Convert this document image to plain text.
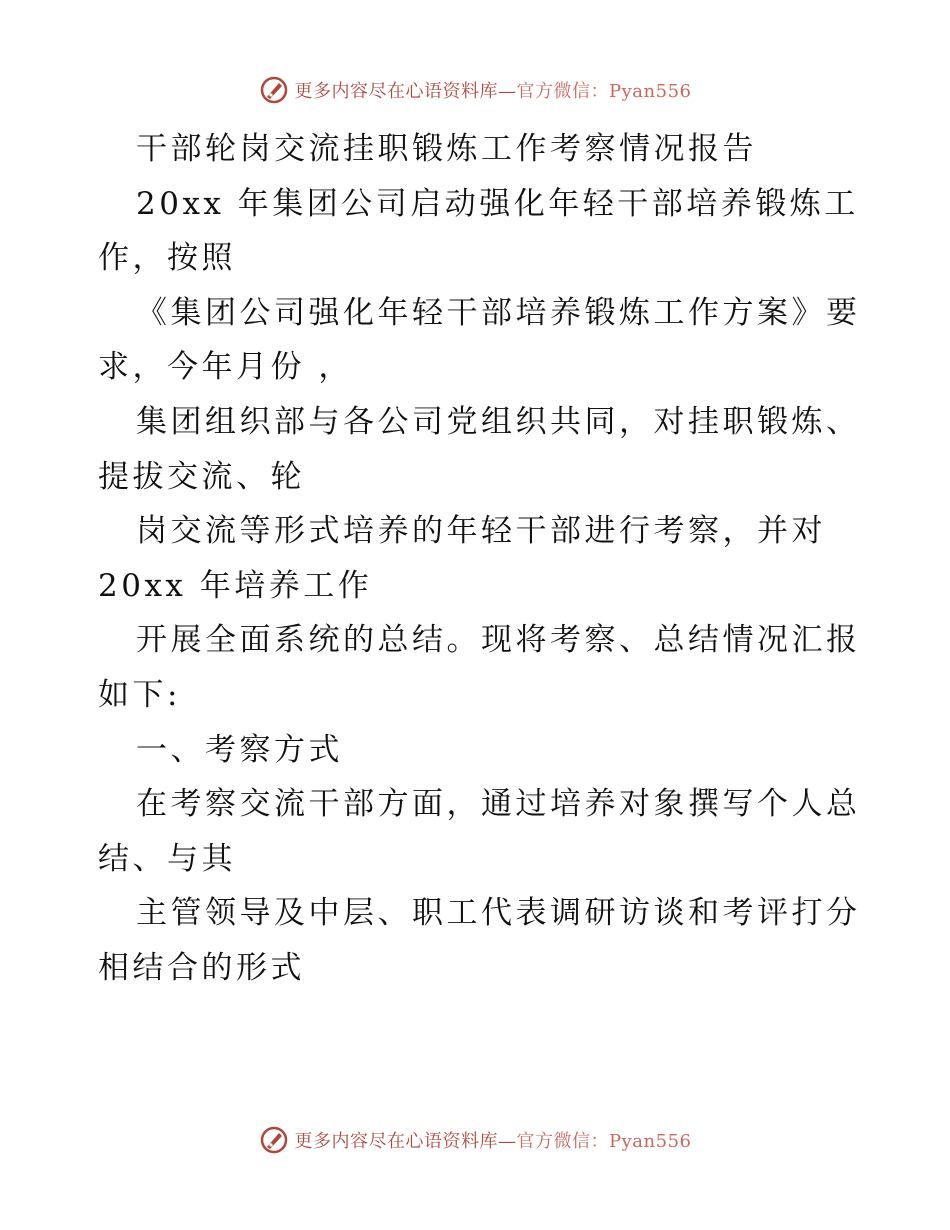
更多内容尽在心语资料库—官方微信：Pyan556
干部轮岗交流挂职锻炼工作考察情况报告
20xx 年集团公司启动强化年轻干部培养锻炼工
作，按照
《集团公司强化年轻干部培养锻炼工作方案》要
求，今年月份 ，
集团组织部与各公司党组织共同，对挂职锻炼、
提拔交流、轮
岗交流等形式培养的年轻干部进行考察，并对
20xx 年培养工作
开展全面系统的总结。现将考察、总结情况汇报
如下:
一、考察方式
在考察交流干部方面，通过培养对象撰写个人总
结、与其
主管领导及中层、职工代表调研访谈和考评打分
相结合的形式
更多内容尽在心语资料库—官方微信：Pyan556
